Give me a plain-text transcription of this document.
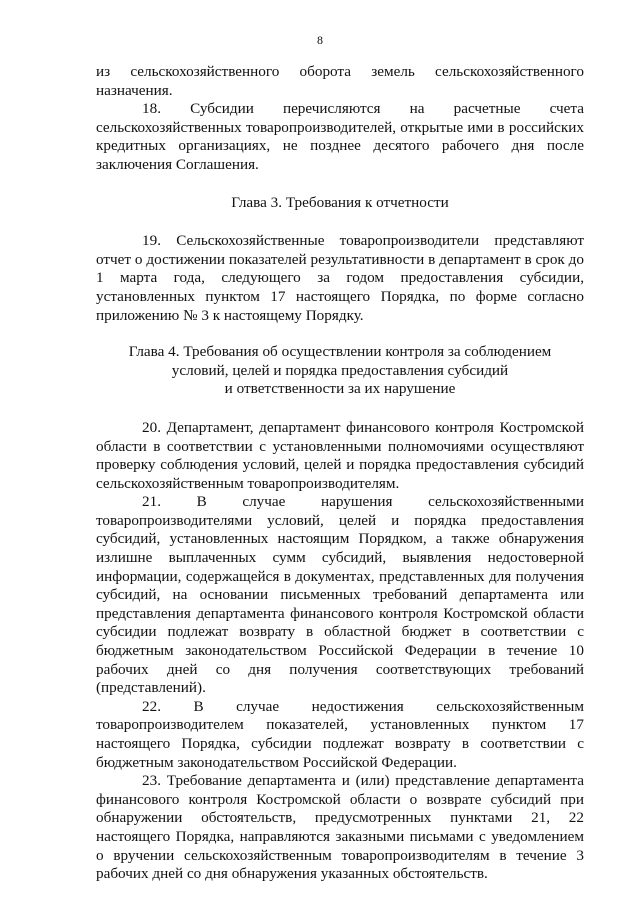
8

из сельскохозяйственного оборота земель сельскохозяйственного назначения.

18. Субсидии перечисляются на расчетные счета сельскохозяйственных товаропроизводителей, открытые ими в российских кредитных организациях, не позднее десятого рабочего дня после заключения Соглашения.

Глава 3. Требования к отчетности

19. Сельскохозяйственные товаропроизводители представляют отчет о достижении показателей результативности в департамент в срок до 1 марта года, следующего за годом предоставления субсидии, установленных пунктом 17 настоящего Порядка, по форме согласно приложению № 3 к настоящему Порядку.

Глава 4. Требования об осуществлении контроля за соблюдением
условий, целей и порядка предоставления субсидий
и ответственности за их нарушение

20. Департамент, департамент финансового контроля Костромской области в соответствии с установленными полномочиями осуществляют проверку соблюдения условий, целей и порядка предоставления субсидий сельскохозяйственным товаропроизводителям.

21. В случае нарушения сельскохозяйственными товаропроизводителями условий, целей и порядка предоставления субсидий, установленных настоящим Порядком, а также обнаружения излишне выплаченных сумм субсидий, выявления недостоверной информации, содержащейся в документах, представленных для получения субсидий, на основании письменных требований департамента или представления департамента финансового контроля Костромской области субсидии подлежат возврату в областной бюджет в соответствии с бюджетным законодательством Российской Федерации в течение 10 рабочих дней со дня получения соответствующих требований (представлений).

22. В случае недостижения сельскохозяйственным товаропроизводителем показателей, установленных пунктом 17 настоящего Порядка, субсидии подлежат возврату в соответствии с бюджетным законодательством Российской Федерации.

23. Требование департамента и (или) представление департамента финансового контроля Костромской области о возврате субсидий при обнаружении обстоятельств, предусмотренных пунктами 21, 22 настоящего Порядка, направляются заказными письмами с уведомлением о вручении сельскохозяйственным товаропроизводителям в течение 3 рабочих дней со дня обнаружения указанных обстоятельств.
